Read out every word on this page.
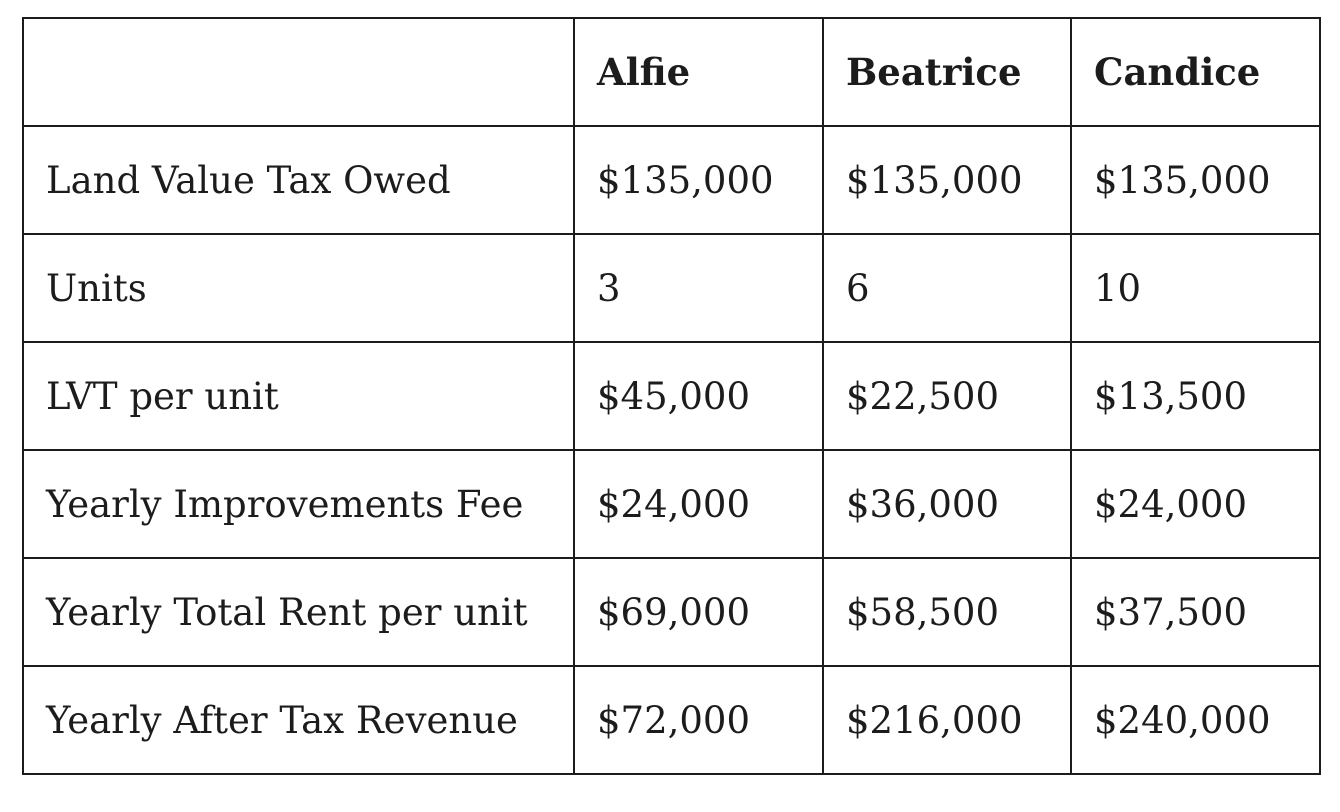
	Alfie	Beatrice	Candice
Land Value Tax Owed	$135,000	$135,000	$135,000
Units	3	6	10
LVT per unit	$45,000	$22,500	$13,500
Yearly Improvements Fee	$24,000	$36,000	$24,000
Yearly Total Rent per unit	$69,000	$58,500	$37,500
Yearly After Tax Revenue	$72,000	$216,000	$240,000
